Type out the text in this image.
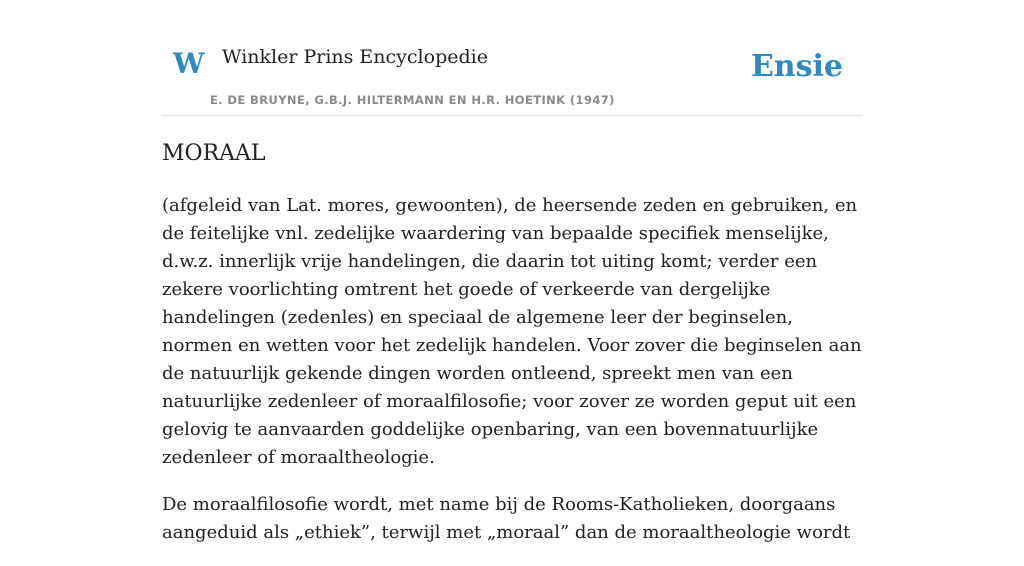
W Winkler Prins Encyclopedie
E. DE BRUYNE, G.B.J. HILTERMANN EN H.R. HOETINK (1947)
Ensie
MORAAL

(afgeleid van Lat. mores, gewoonten), de heersende zeden en gebruiken, en de feitelijke vnl. zedelijke waardering van bepaalde specifiek menselijke, d.w.z. innerlijk vrije handelingen, die daarin tot uiting komt; verder een zekere voorlichting omtrent het goede of verkeerde van dergelijke handelingen (zedenles) en speciaal de algemene leer der beginselen, normen en wetten voor het zedelijk handelen. Voor zover die beginselen aan de natuurlijk gekende dingen worden ontleend, spreekt men van een natuurlijke zedenleer of moraalfilosofie; voor zover ze worden geput uit een gelovig te aanvaarden goddelijke openbaring, van een bovennatuurlijke zedenleer of moraaltheologie.

De moraalfilosofie wordt, met name bij de Rooms-Katholieken, doorgaans aangeduid als „ethiek”, terwijl met „moraal” dan de moraaltheologie wordt
